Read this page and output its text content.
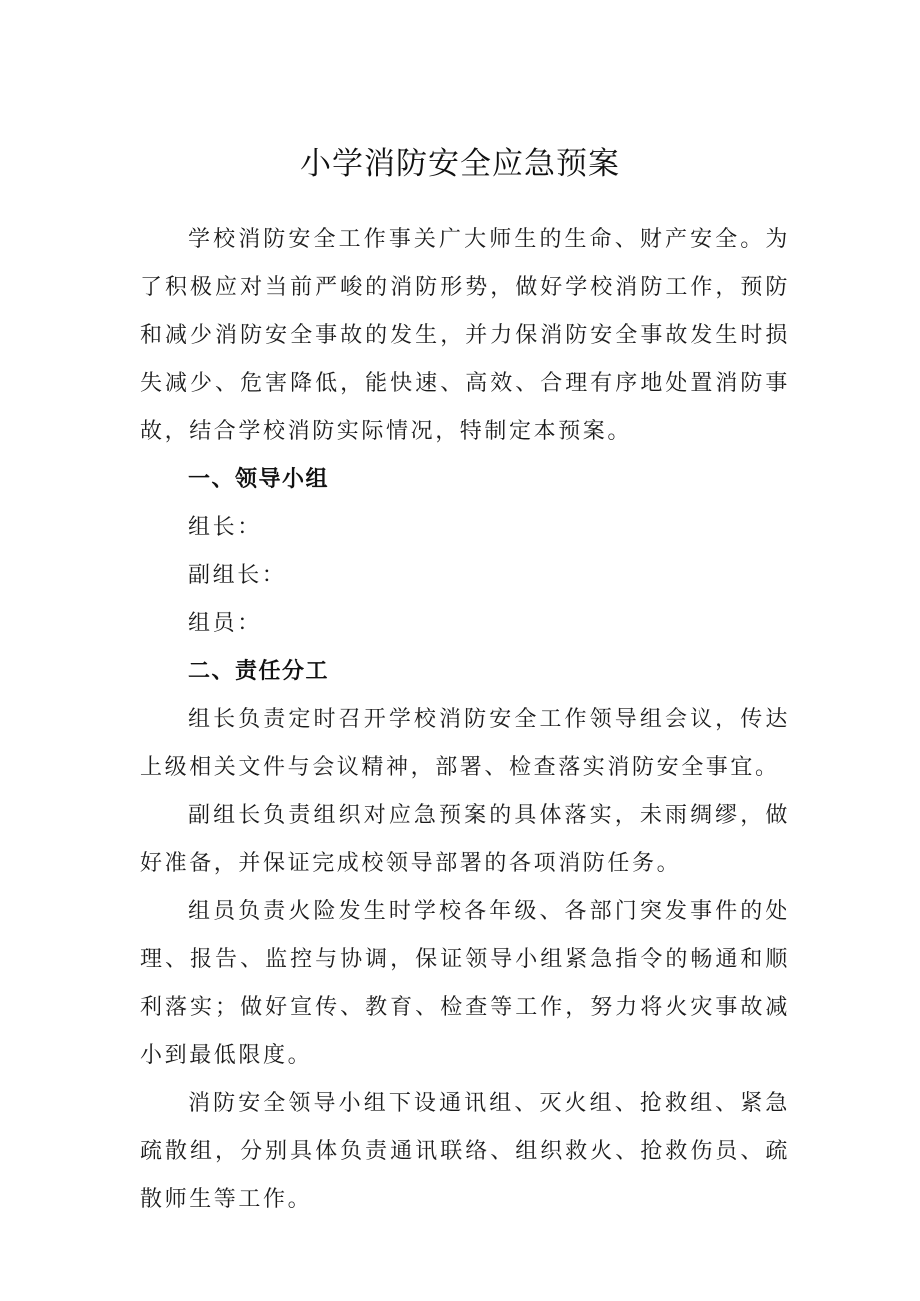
小学消防安全应急预案

学校消防安全工作事关广大师生的生命、财产安全。为了积极应对当前严峻的消防形势，做好学校消防工作，预防和减少消防安全事故的发生，并力保消防安全事故发生时损失减少、危害降低，能快速、高效、合理有序地处置消防事故，结合学校消防实际情况，特制定本预案。

一、领导小组

组长：

副组长：

组员：

二、责任分工

组长负责定时召开学校消防安全工作领导组会议，传达上级相关文件与会议精神，部署、检查落实消防安全事宜。

副组长负责组织对应急预案的具体落实，未雨绸缪，做好准备，并保证完成校领导部署的各项消防任务。

组员负责火险发生时学校各年级、各部门突发事件的处理、报告、监控与协调，保证领导小组紧急指令的畅通和顺利落实；做好宣传、教育、检查等工作，努力将火灾事故减小到最低限度。

消防安全领导小组下设通讯组、灭火组、抢救组、紧急疏散组，分别具体负责通讯联络、组织救火、抢救伤员、疏散师生等工作。
